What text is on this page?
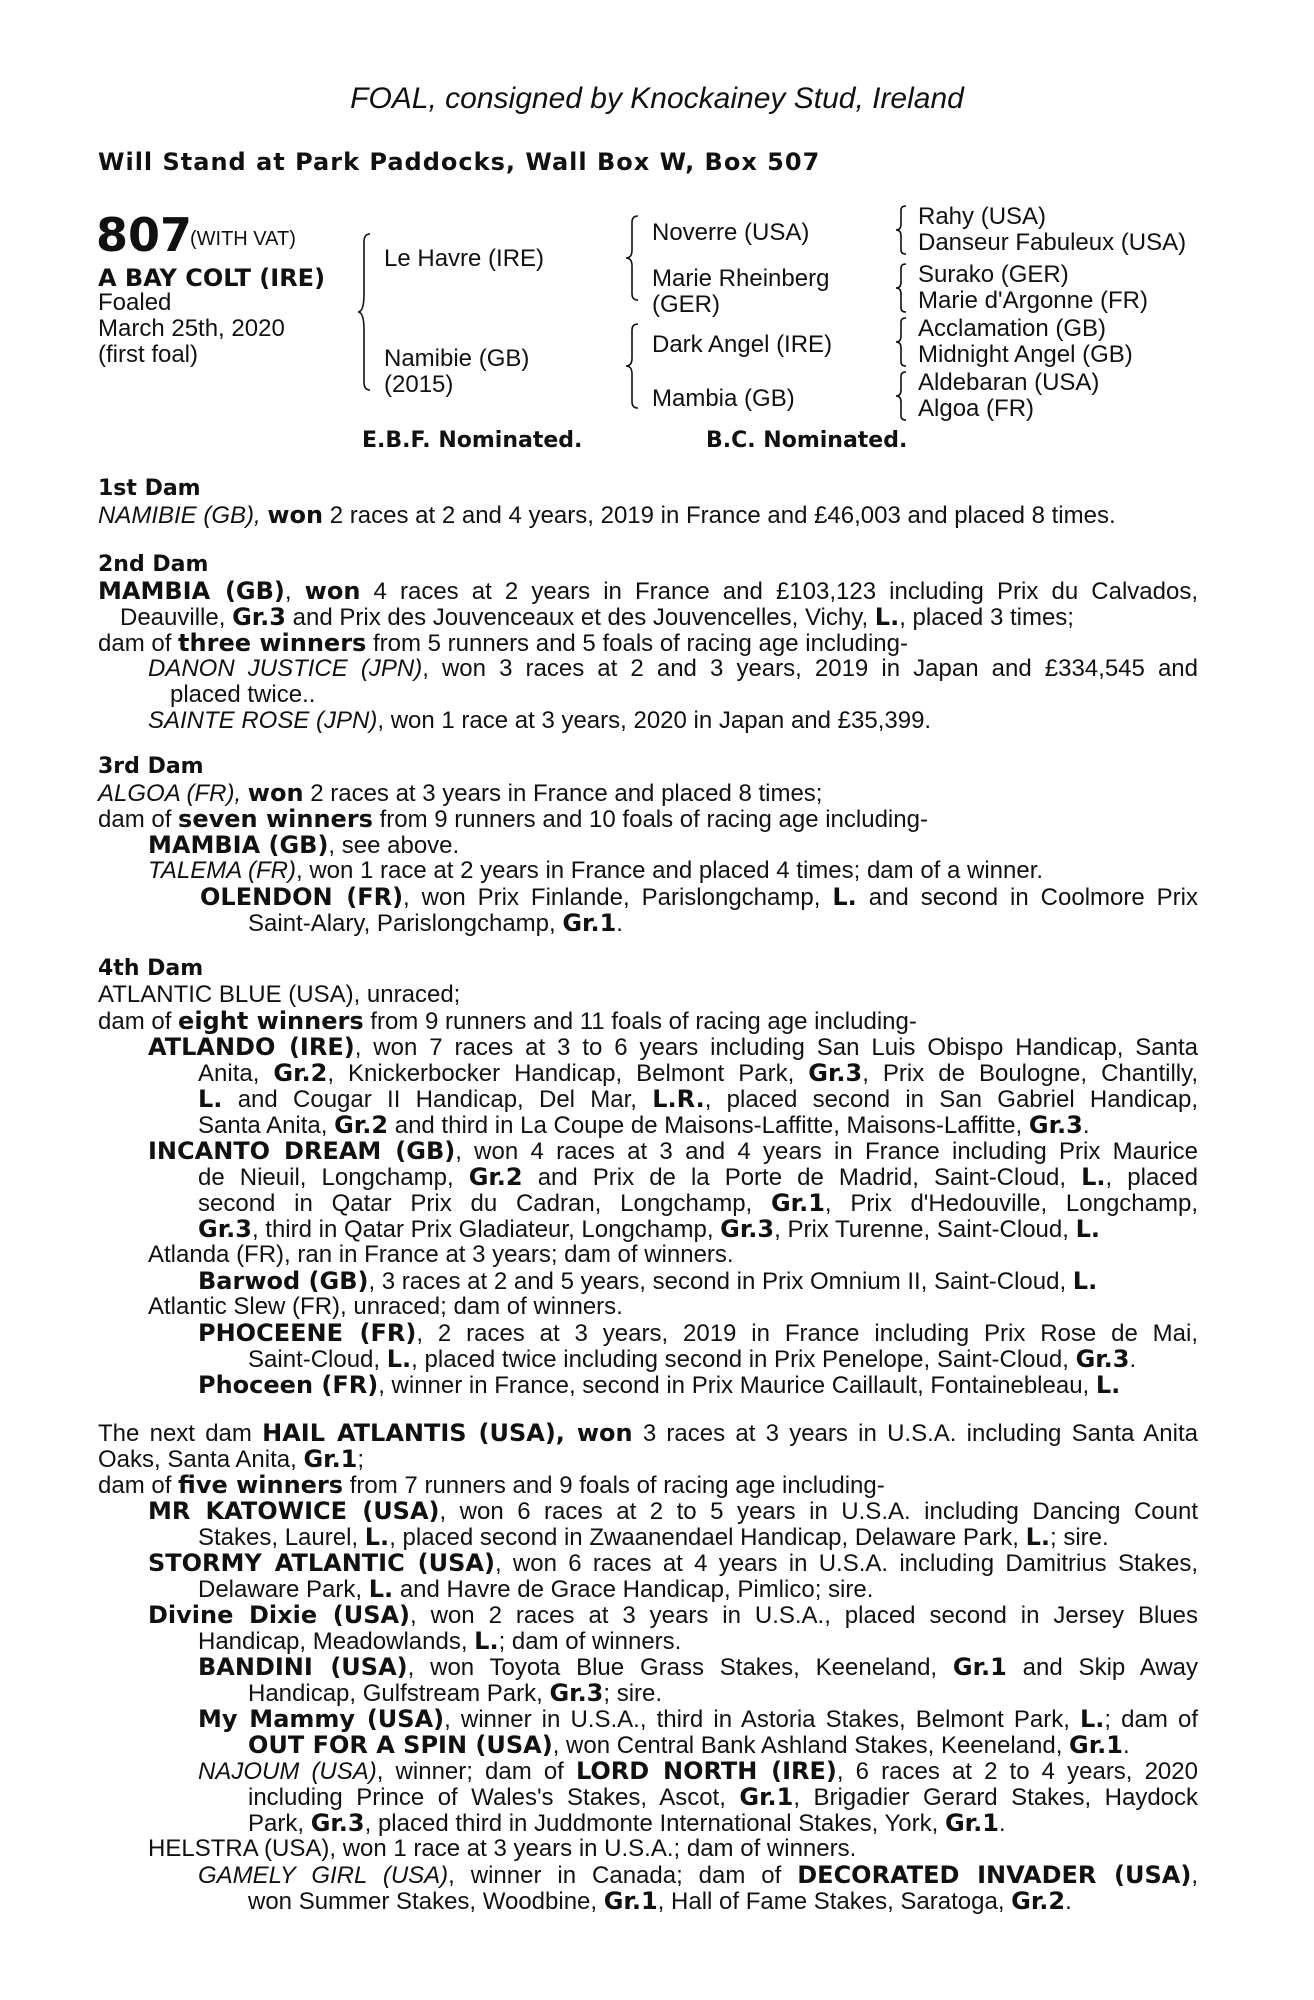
FOAL, consigned by Knockainey Stud, Ireland
Will Stand at Park Paddocks, Wall Box W, Box 507
807
(WITH VAT)
A BAY COLT (IRE)
Foaled
March 25th, 2020
(first foal)
Le Havre (IRE)
Namibie (GB)
(2015)
Noverre (USA)
Marie Rheinberg
(GER)
Dark Angel (IRE)
Mambia (GB)
Rahy (USA)
Danseur Fabuleux (USA)
Surako (GER)
Marie d'Argonne (FR)
Acclamation (GB)
Midnight Angel (GB)
Aldebaran (USA)
Algoa (FR)
E.B.F. Nominated.	B.C. Nominated.
1st Dam
NAMIBIE (GB), won 2 races at 2 and 4 years, 2019 in France and £46,003 and placed 8 times.
2nd Dam
MAMBIA (GB), won 4 races at 2 years in France and £103,123 including Prix du Calvados,
Deauville, Gr.3 and Prix des Jouvenceaux et des Jouvencelles, Vichy, L., placed 3 times;
dam of three winners from 5 runners and 5 foals of racing age including-
DANON JUSTICE (JPN), won 3 races at 2 and 3 years, 2019 in Japan and £334,545 and
placed twice..
SAINTE ROSE (JPN), won 1 race at 3 years, 2020 in Japan and £35,399.
3rd Dam
ALGOA (FR), won 2 races at 3 years in France and placed 8 times;
dam of seven winners from 9 runners and 10 foals of racing age including-
MAMBIA (GB), see above.
TALEMA (FR), won 1 race at 2 years in France and placed 4 times; dam of a winner.
OLENDON (FR), won Prix Finlande, Parislongchamp, L. and second in Coolmore Prix
Saint-Alary, Parislongchamp, Gr.1.
4th Dam
ATLANTIC BLUE (USA), unraced;
dam of eight winners from 9 runners and 11 foals of racing age including-
ATLANDO (IRE), won 7 races at 3 to 6 years including San Luis Obispo Handicap, Santa
Anita, Gr.2, Knickerbocker Handicap, Belmont Park, Gr.3, Prix de Boulogne, Chantilly,
L. and Cougar II Handicap, Del Mar, L.R., placed second in San Gabriel Handicap,
Santa Anita, Gr.2 and third in La Coupe de Maisons-Laffitte, Maisons-Laffitte, Gr.3.
INCANTO DREAM (GB), won 4 races at 3 and 4 years in France including Prix Maurice
de Nieuil, Longchamp, Gr.2 and Prix de la Porte de Madrid, Saint-Cloud, L., placed
second in Qatar Prix du Cadran, Longchamp, Gr.1, Prix d'Hedouville, Longchamp,
Gr.3, third in Qatar Prix Gladiateur, Longchamp, Gr.3, Prix Turenne, Saint-Cloud, L.
Atlanda (FR), ran in France at 3 years; dam of winners.
Barwod (GB), 3 races at 2 and 5 years, second in Prix Omnium II, Saint-Cloud, L.
Atlantic Slew (FR), unraced; dam of winners.
PHOCEENE (FR), 2 races at 3 years, 2019 in France including Prix Rose de Mai,
Saint-Cloud, L., placed twice including second in Prix Penelope, Saint-Cloud, Gr.3.
Phoceen (FR), winner in France, second in Prix Maurice Caillault, Fontainebleau, L.
The next dam HAIL ATLANTIS (USA), won 3 races at 3 years in U.S.A. including Santa Anita
Oaks, Santa Anita, Gr.1;
dam of five winners from 7 runners and 9 foals of racing age including-
MR KATOWICE (USA), won 6 races at 2 to 5 years in U.S.A. including Dancing Count
Stakes, Laurel, L., placed second in Zwaanendael Handicap, Delaware Park, L.; sire.
STORMY ATLANTIC (USA), won 6 races at 4 years in U.S.A. including Damitrius Stakes,
Delaware Park, L. and Havre de Grace Handicap, Pimlico; sire.
Divine Dixie (USA), won 2 races at 3 years in U.S.A., placed second in Jersey Blues
Handicap, Meadowlands, L.; dam of winners.
BANDINI (USA), won Toyota Blue Grass Stakes, Keeneland, Gr.1 and Skip Away
Handicap, Gulfstream Park, Gr.3; sire.
My Mammy (USA), winner in U.S.A., third in Astoria Stakes, Belmont Park, L.; dam of
OUT FOR A SPIN (USA), won Central Bank Ashland Stakes, Keeneland, Gr.1.
NAJOUM (USA), winner; dam of LORD NORTH (IRE), 6 races at 2 to 4 years, 2020
including Prince of Wales's Stakes, Ascot, Gr.1, Brigadier Gerard Stakes, Haydock
Park, Gr.3, placed third in Juddmonte International Stakes, York, Gr.1.
HELSTRA (USA), won 1 race at 3 years in U.S.A.; dam of winners.
GAMELY GIRL (USA), winner in Canada; dam of DECORATED INVADER (USA),
won Summer Stakes, Woodbine, Gr.1, Hall of Fame Stakes, Saratoga, Gr.2.
